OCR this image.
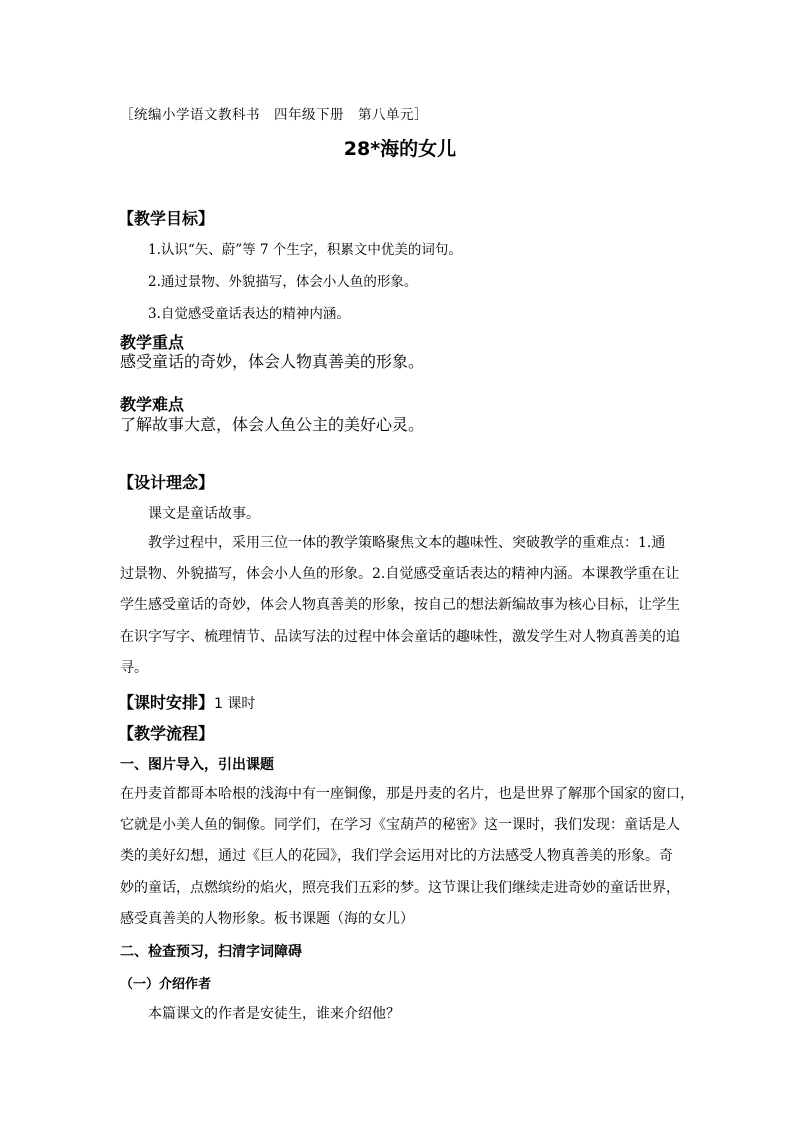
［统编小学语文教科书　四年级下册　第八单元］
28*海的女儿
【教学目标】
1.认识“矢、蔚”等 7 个生字，积累文中优美的词句。
2.通过景物、外貌描写，体会小人鱼的形象。
3.自觉感受童话表达的精神内涵。
教学重点
感受童话的奇妙，体会人物真善美的形象。
教学难点
了解故事大意，体会人鱼公主的美好心灵。
【设计理念】
课文是童话故事。
　　教学过程中，采用三位一体的教学策略聚焦文本的趣味性、突破教学的重难点：1.通
过景物、外貌描写，体会小人鱼的形象。2.自觉感受童话表达的精神内涵。本课教学重在让
学生感受童话的奇妙，体会人物真善美的形象，按自己的想法新编故事为核心目标，让学生
在识字写字、梳理情节、品读写法的过程中体会童话的趣味性，激发学生对人物真善美的追
寻。
【课时安排】1 课时
【教学流程】
一、图片导入，引出课题
在丹麦首都哥本哈根的浅海中有一座铜像，那是丹麦的名片，也是世界了解那个国家的窗口，
它就是小美人鱼的铜像。同学们，在学习《宝葫芦的秘密》这一课时，我们发现：童话是人
类的美好幻想，通过《巨人的花园》，我们学会运用对比的方法感受人物真善美的形象。奇
妙的童话，点燃缤纷的焰火，照亮我们五彩的梦。这节课让我们继续走进奇妙的童话世界，
感受真善美的人物形象。板书课题（海的女儿）
二、检查预习，扫清字词障碍
（一）介绍作者
　　本篇课文的作者是安徒生，谁来介绍他？
